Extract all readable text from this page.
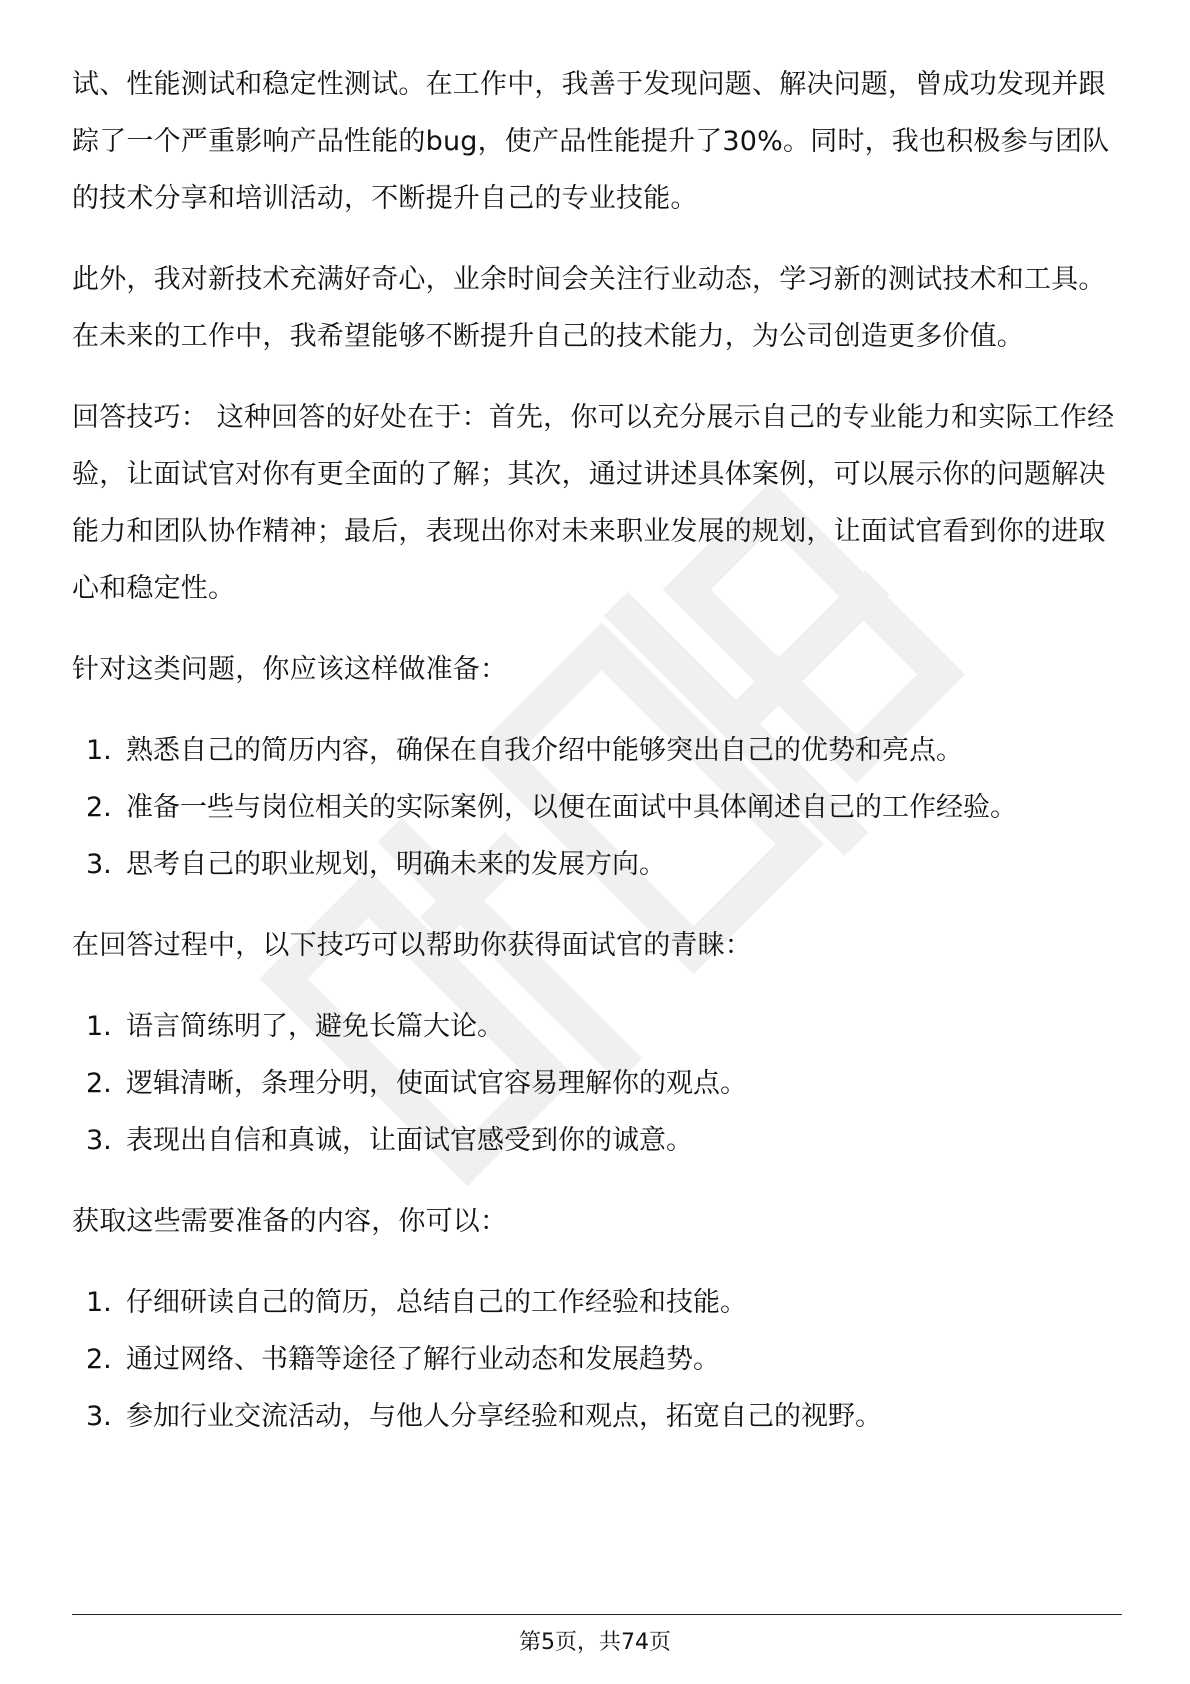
试、性能测试和稳定性测试。在工作中，我善于发现问题、解决问题，曾成功发现并跟踪了一个严重影响产品性能的bug，使产品性能提升了30%。同时，我也积极参与团队的技术分享和培训活动，不断提升自己的专业技能。

此外，我对新技术充满好奇心，业余时间会关注行业动态，学习新的测试技术和工具。在未来的工作中，我希望能够不断提升自己的技术能力，为公司创造更多价值。

回答技巧： 这种回答的好处在于：首先，你可以充分展示自己的专业能力和实际工作经验，让面试官对你有更全面的了解；其次，通过讲述具体案例，可以展示你的问题解决能力和团队协作精神；最后，表现出你对未来职业发展的规划，让面试官看到你的进取心和稳定性。

针对这类问题，你应该这样做准备：

1. 熟悉自己的简历内容，确保在自我介绍中能够突出自己的优势和亮点。
2. 准备一些与岗位相关的实际案例，以便在面试中具体阐述自己的工作经验。
3. 思考自己的职业规划，明确未来的发展方向。

在回答过程中，以下技巧可以帮助你获得面试官的青睐：

1. 语言简练明了，避免长篇大论。
2. 逻辑清晰，条理分明，使面试官容易理解你的观点。
3. 表现出自信和真诚，让面试官感受到你的诚意。

获取这些需要准备的内容，你可以：

1. 仔细研读自己的简历，总结自己的工作经验和技能。
2. 通过网络、书籍等途径了解行业动态和发展趋势。
3. 参加行业交流活动，与他人分享经验和观点，拓宽自己的视野。
第5页，共74页
